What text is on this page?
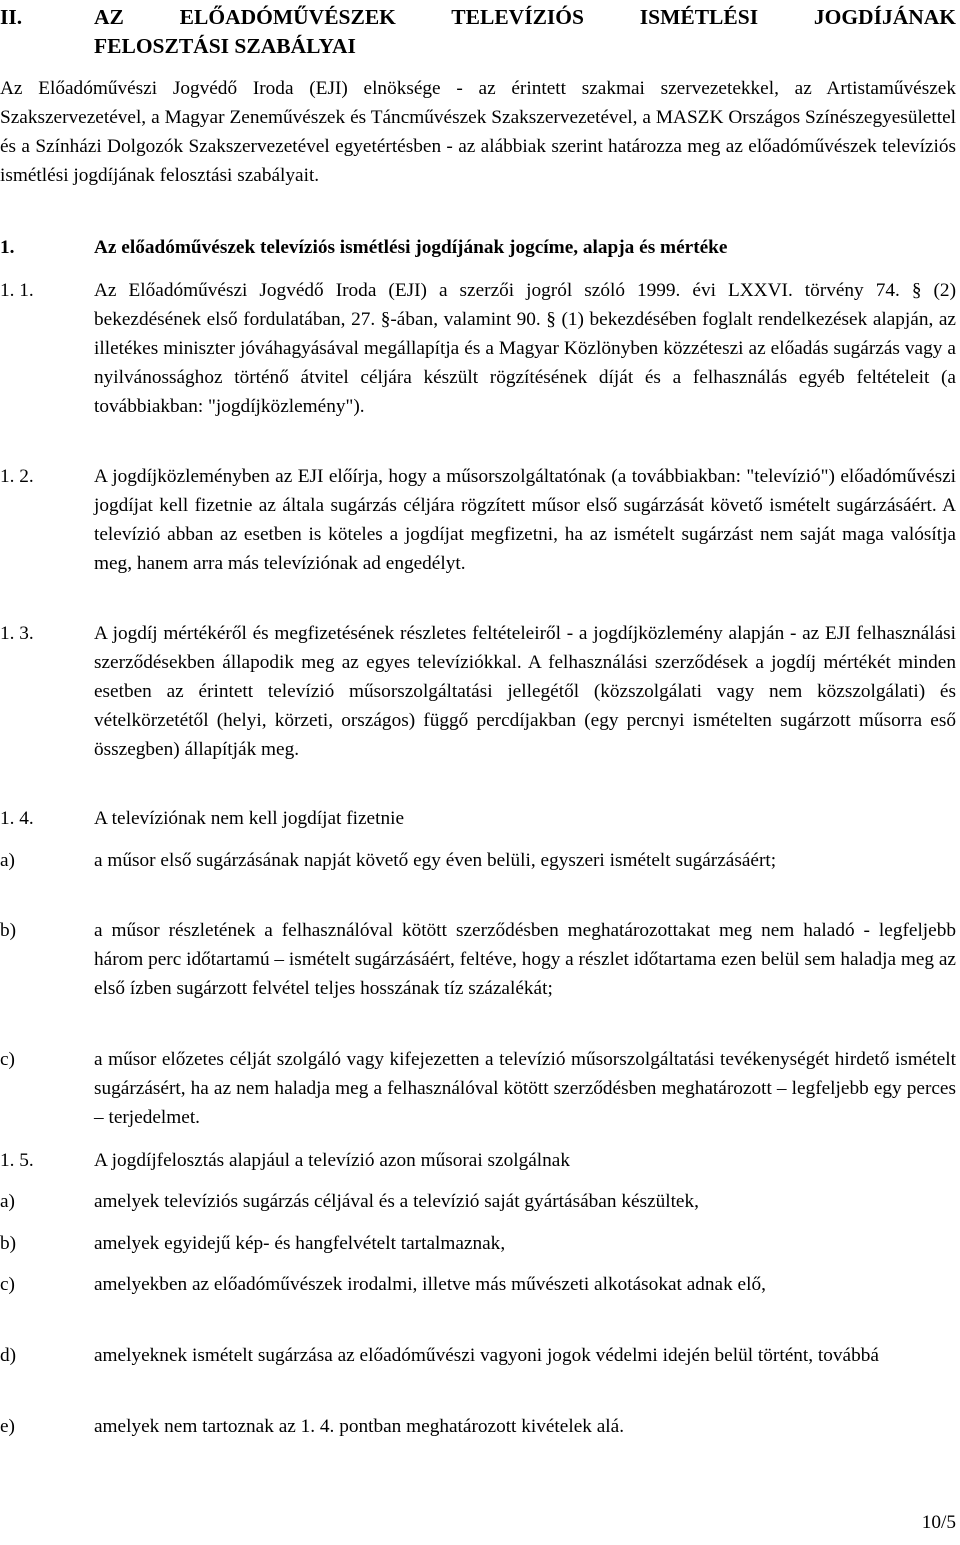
II.	AZ ELŐADÓMŰVÉSZEK TELEVÍZIÓS ISMÉTLÉSI JOGDÍJÁNAK
FELOSZTÁSI SZABÁLYAI
Az Előadóművészi Jogvédő Iroda (EJI) elnöksége - az érintett szakmai szervezetekkel, az Artistaművészek Szakszervezetével, a Magyar Zeneművészek és Táncművészek Szakszervezetével, a MASZK Országos Színészegyesülettel és a Színházi Dolgozók Szakszervezetével egyetértésben - az alábbiak szerint határozza meg az előadóművészek televíziós ismétlési jogdíjának felosztási szabályait.
1.	Az előadóművészek televíziós ismétlési jogdíjának jogcíme, alapja és mértéke
1. 1.	Az Előadóművészi Jogvédő Iroda (EJI) a szerzői jogról szóló 1999. évi LXXVI. törvény 74. § (2) bekezdésének első fordulatában, 27. §-ában, valamint 90. § (1) bekezdésében foglalt rendelkezések alapján, az illetékes miniszter jóváhagyásával megállapítja és a Magyar Közlönyben közzéteszi az előadás sugárzás vagy a nyilvánossághoz történő átvitel céljára készült rögzítésének díját és a felhasználás egyéb feltételeit (a továbbiakban: "jogdíjközlemény").
1. 2.	A jogdíjközleményben az EJI előírja, hogy a műsorszolgáltatónak (a továbbiakban: "televízió") előadóművészi jogdíjat kell fizetnie az általa sugárzás céljára rögzített műsor első sugárzását követő ismételt sugárzásáért. A televízió abban az esetben is köteles a jogdíjat megfizetni, ha az ismételt sugárzást nem saját maga valósítja meg, hanem arra más televíziónak ad engedélyt.
1. 3.	A jogdíj mértékéről és megfizetésének részletes feltételeiről - a jogdíjközlemény alapján - az EJI felhasználási szerződésekben állapodik meg az egyes televíziókkal. A felhasználási szerződések a jogdíj mértékét minden esetben az érintett televízió műsorszolgáltatási jellegétől (közszolgálati vagy nem közszolgálati) és vételkörzetétől (helyi, körzeti, országos) függő percdíjakban (egy percnyi ismételten sugárzott műsorra eső összegben) állapítják meg.
1. 4.	A televíziónak nem kell jogdíjat fizetnie
a)	a műsor első sugárzásának napját követő egy éven belüli, egyszeri ismételt sugárzásáért;
b)	a műsor részletének a felhasználóval kötött szerződésben meghatározottakat meg nem haladó - legfeljebb három perc időtartamú – ismételt sugárzásáért, feltéve, hogy a részlet időtartama ezen belül sem haladja meg az első ízben sugárzott felvétel teljes hosszának tíz százalékát;
c)	a műsor előzetes célját szolgáló vagy kifejezetten a televízió műsorszolgáltatási tevékenységét hirdető ismételt sugárzásért, ha az nem haladja meg a felhasználóval kötött szerződésben meghatározott – legfeljebb egy perces – terjedelmet.
1. 5.	A jogdíjfelosztás alapjául a televízió azon műsorai szolgálnak
a)	amelyek televíziós sugárzás céljával és a televízió saját gyártásában készültek,
b)	amelyek egyidejű kép- és hangfelvételt tartalmaznak,
c)	amelyekben az előadóművészek irodalmi, illetve más művészeti alkotásokat adnak elő,
d)	amelyeknek ismételt sugárzása az előadóművészi vagyoni jogok védelmi idején belül történt, továbbá
e)	amelyek nem tartoznak az 1. 4. pontban meghatározott kivételek alá.
10/5
